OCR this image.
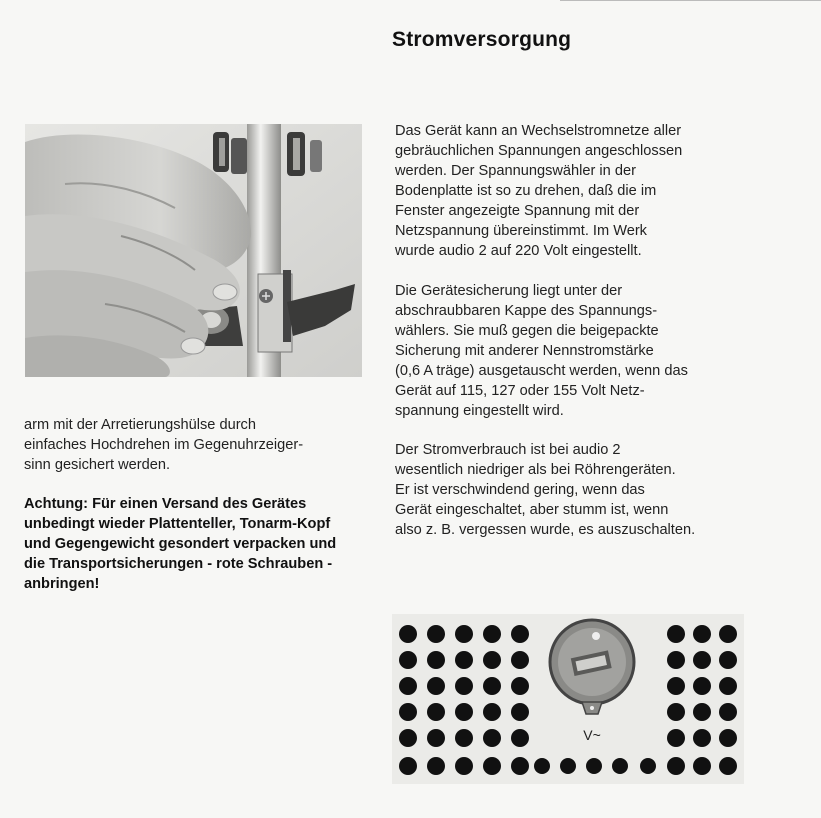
Stromversorgung

arm mit der Arretierungshülse durch
einfaches Hochdrehen im Gegenuhrzeiger-
sinn gesichert werden.

Achtung: Für einen Versand des Gerätes
unbedingt wieder Plattenteller, Tonarm-Kopf
und Gegengewicht gesondert verpacken und
die Transportsicherungen - rote Schrauben -
anbringen!

Das Gerät kann an Wechselstromnetze aller
gebräuchlichen Spannungen angeschlossen
werden. Der Spannungswähler in der
Bodenplatte ist so zu drehen, daß die im
Fenster angezeigte Spannung mit der
Netzspannung übereinstimmt. Im Werk
wurde audio 2 auf 220 Volt eingestellt.

Die Gerätesicherung liegt unter der
abschraubbaren Kappe des Spannungs-
wählers. Sie muß gegen die beigepackte
Sicherung mit anderer Nennstromstärke
(0,6 A träge) ausgetauscht werden, wenn das
Gerät auf 115, 127 oder 155 Volt Netz-
spannung eingestellt wird.

Der Stromverbrauch ist bei audio 2
wesentlich niedriger als bei Röhrengeräten.
Er ist verschwindend gering, wenn das
Gerät eingeschaltet, aber stumm ist, wenn
also z. B. vergessen wurde, es auszuschalten.

V~
